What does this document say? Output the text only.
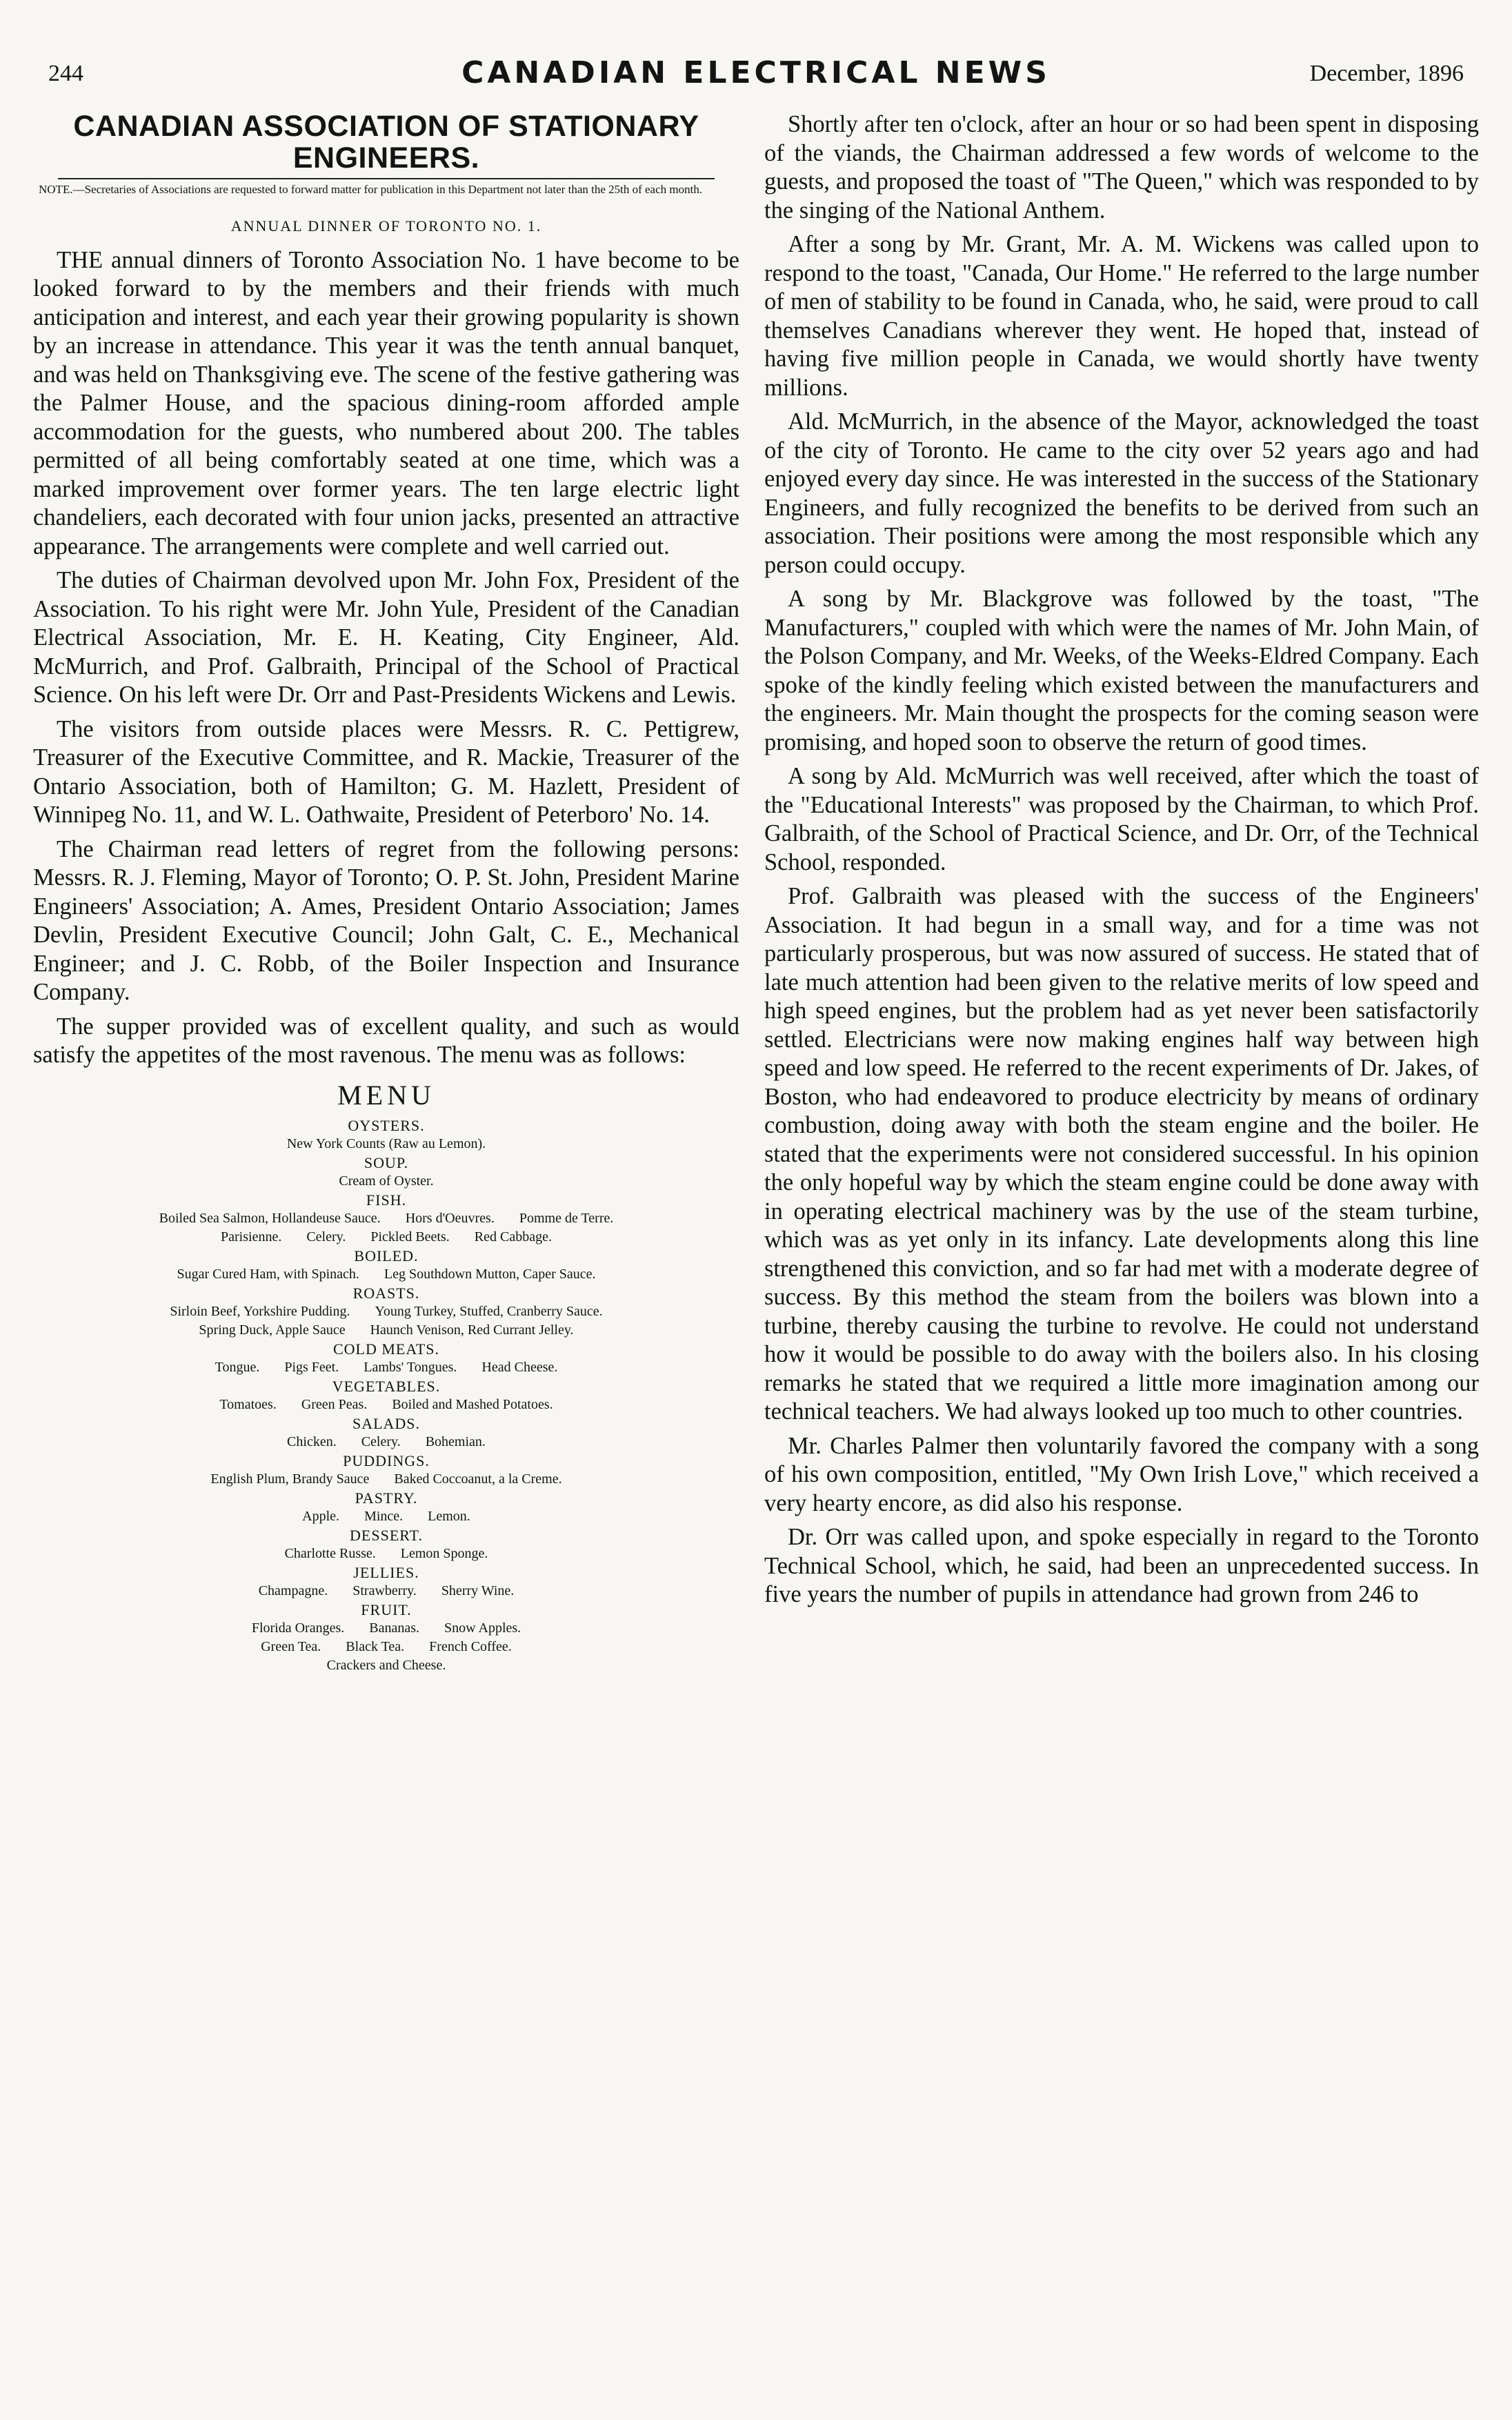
244	CANADIAN ELECTRICAL NEWS	December, 1896
CANADIAN ASSOCIATION OF STATIONARY
ENGINEERS.
NOTE.—Secretaries of Associations are requested to forward matter for publication in this Department not later than the 25th of each month.
ANNUAL DINNER OF TORONTO NO. 1.

THE annual dinners of Toronto Association No. 1 have become to be looked forward to by the members and their friends with much anticipation and interest, and each year their growing popularity is shown by an increase in attendance. This year it was the tenth annual banquet, and was held on Thanksgiving eve. The scene of the festive gathering was the Palmer House, and the spacious dining-room afforded ample accommodation for the guests, who numbered about 200. The tables permitted of all being comfortably seated at one time, which was a marked improvement over former years. The ten large electric light chandeliers, each decorated with four union jacks, presented an attractive appearance. The arrangements were complete and well carried out.

The duties of Chairman devolved upon Mr. John Fox, President of the Association. To his right were Mr. John Yule, President of the Canadian Electrical Association, Mr. E. H. Keating, City Engineer, Ald. McMurrich, and Prof. Galbraith, Principal of the School of Practical Science. On his left were Dr. Orr and Past-Presidents Wickens and Lewis.

The visitors from outside places were Messrs. R. C. Pettigrew, Treasurer of the Executive Committee, and R. Mackie, Treasurer of the Ontario Association, both of Hamilton; G. M. Hazlett, President of Winnipeg No. 11, and W. L. Oathwaite, President of Peterboro' No. 14.

The Chairman read letters of regret from the following persons: Messrs. R. J. Fleming, Mayor of Toronto; O. P. St. John, President Marine Engineers' Association; A. Ames, President Ontario Association; James Devlin, President Executive Council; John Galt, C. E., Mechanical Engineer; and J. C. Robb, of the Boiler Inspection and Insurance Company.

The supper provided was of excellent quality, and such as would satisfy the appetites of the most ravenous. The menu was as follows:

MENU
OYSTERS.
New York Counts (Raw au Lemon).
SOUP.
Cream of Oyster.
FISH.
Boiled Sea Salmon, Hollandeuse Sauce. Hors d'Oeuvres. Pomme de Terre.
Parisienne. Celery. Pickled Beets. Red Cabbage.
BOILED.
Sugar Cured Ham, with Spinach. Leg Southdown Mutton, Caper Sauce.
ROASTS.
Sirloin Beef, Yorkshire Pudding. Young Turkey, Stuffed, Cranberry Sauce.
Spring Duck, Apple Sauce Haunch Venison, Red Currant Jelley.
COLD MEATS.
Tongue. Pigs Feet. Lambs' Tongues. Head Cheese.
VEGETABLES.
Tomatoes. Green Peas. Boiled and Mashed Potatoes.
SALADS.
Chicken. Celery. Bohemian.
PUDDINGS.
English Plum, Brandy Sauce Baked Coccoanut, a la Creme.
PASTRY.
Apple. Mince. Lemon.
DESSERT.
Charlotte Russe. Lemon Sponge.
JELLIES.
Champagne. Strawberry. Sherry Wine.
FRUIT.
Florida Oranges. Bananas. Snow Apples.
Green Tea. Black Tea. French Coffee.
Crackers and Cheese.

Shortly after ten o'clock, after an hour or so had been spent in disposing of the viands, the Chairman addressed a few words of welcome to the guests, and proposed the toast of "The Queen," which was responded to by the singing of the National Anthem.

After a song by Mr. Grant, Mr. A. M. Wickens was called upon to respond to the toast, "Canada, Our Home." He referred to the large number of men of stability to be found in Canada, who, he said, were proud to call themselves Canadians wherever they went. He hoped that, instead of having five million people in Canada, we would shortly have twenty millions.

Ald. McMurrich, in the absence of the Mayor, acknowledged the toast of the city of Toronto. He came to the city over 52 years ago and had enjoyed every day since. He was interested in the success of the Stationary Engineers, and fully recognized the benefits to be derived from such an association. Their positions were among the most responsible which any person could occupy.

A song by Mr. Blackgrove was followed by the toast, "The Manufacturers," coupled with which were the names of Mr. John Main, of the Polson Company, and Mr. Weeks, of the Weeks-Eldred Company. Each spoke of the kindly feeling which existed between the manufacturers and the engineers. Mr. Main thought the prospects for the coming season were promising, and hoped soon to observe the return of good times.

A song by Ald. McMurrich was well received, after which the toast of the "Educational Interests" was proposed by the Chairman, to which Prof. Galbraith, of the School of Practical Science, and Dr. Orr, of the Technical School, responded.

Prof. Galbraith was pleased with the success of the Engineers' Association. It had begun in a small way, and for a time was not particularly prosperous, but was now assured of success. He stated that of late much attention had been given to the relative merits of low speed and high speed engines, but the problem had as yet never been satisfactorily settled. Electricians were now making engines half way between high speed and low speed. He referred to the recent experiments of Dr. Jakes, of Boston, who had endeavored to produce electricity by means of ordinary combustion, doing away with both the steam engine and the boiler. He stated that the experiments were not considered successful. In his opinion the only hopeful way by which the steam engine could be done away with in operating electrical machinery was by the use of the steam turbine, which was as yet only in its infancy. Late developments along this line strengthened this conviction, and so far had met with a moderate degree of success. By this method the steam from the boilers was blown into a turbine, thereby causing the turbine to revolve. He could not understand how it would be possible to do away with the boilers also. In his closing remarks he stated that we required a little more imagination among our technical teachers. We had always looked up too much to other countries.

Mr. Charles Palmer then voluntarily favored the company with a song of his own composition, entitled, "My Own Irish Love," which received a very hearty encore, as did also his response.

Dr. Orr was called upon, and spoke especially in regard to the Toronto Technical School, which, he said, had been an unprecedented success. In five years the number of pupils in attendance had grown from 246 to
